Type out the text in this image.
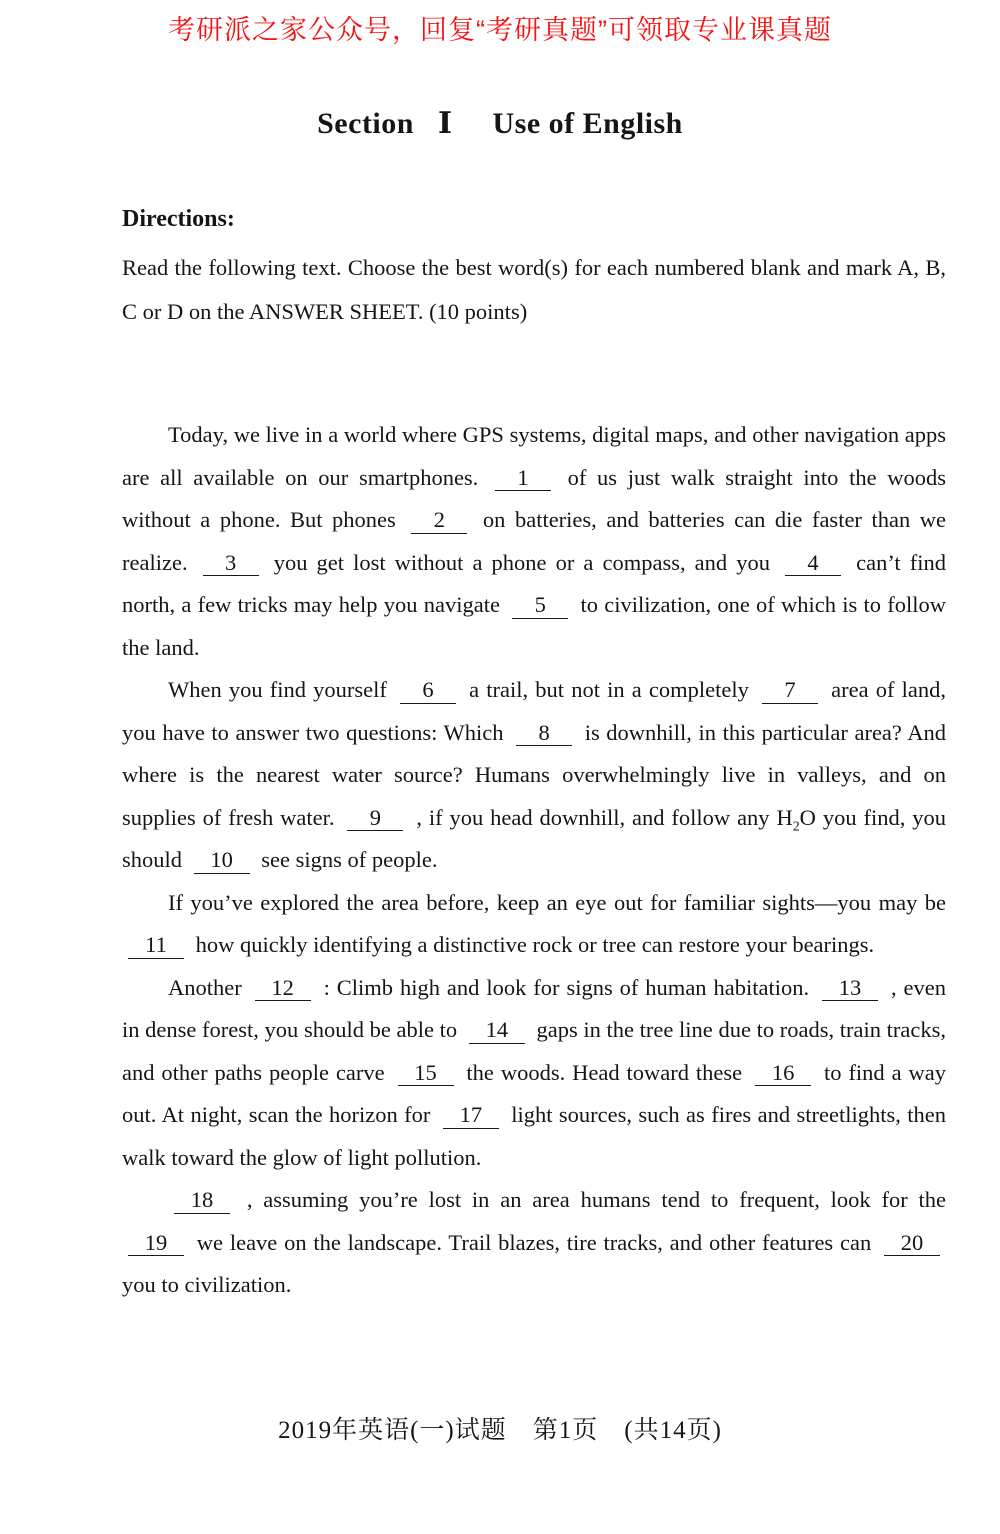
考研派之家公众号，回复“考研真题”可领取专业课真题
Section Ⅰ Use of English
Directions:
Read the following text. Choose the best word(s) for each numbered blank and mark A, B, C or D on the ANSWER SHEET. (10 points)

Today, we live in a world where GPS systems, digital maps, and other navigation apps are all available on our smartphones. 1 of us just walk straight into the woods without a phone. But phones 2 on batteries, and batteries can die faster than we realize. 3 you get lost without a phone or a compass, and you 4 can’t find north, a few tricks may help you navigate 5 to civilization, one of which is to follow the land.

When you find yourself 6 a trail, but not in a completely 7 area of land, you have to answer two questions: Which 8 is downhill, in this particular area? And where is the nearest water source? Humans overwhelmingly live in valleys, and on supplies of fresh water. 9 , if you head downhill, and follow any $H_2O$ you find, you should 10 see signs of people.

If you’ve explored the area before, keep an eye out for familiar sights—you may be 11 how quickly identifying a distinctive rock or tree can restore your bearings.

Another 12 : Climb high and look for signs of human habitation. 13 , even in dense forest, you should be able to 14 gaps in the tree line due to roads, train tracks, and other paths people carve 15 the woods. Head toward these 16 to find a way out. At night, scan the horizon for 17 light sources, such as fires and streetlights, then walk toward the glow of light pollution.

18 , assuming you’re lost in an area humans tend to frequent, look for the 19 we leave on the landscape. Trail blazes, tire tracks, and other features can 20 you to civilization.

2019年英语(一)试题　第1页　(共14页)
